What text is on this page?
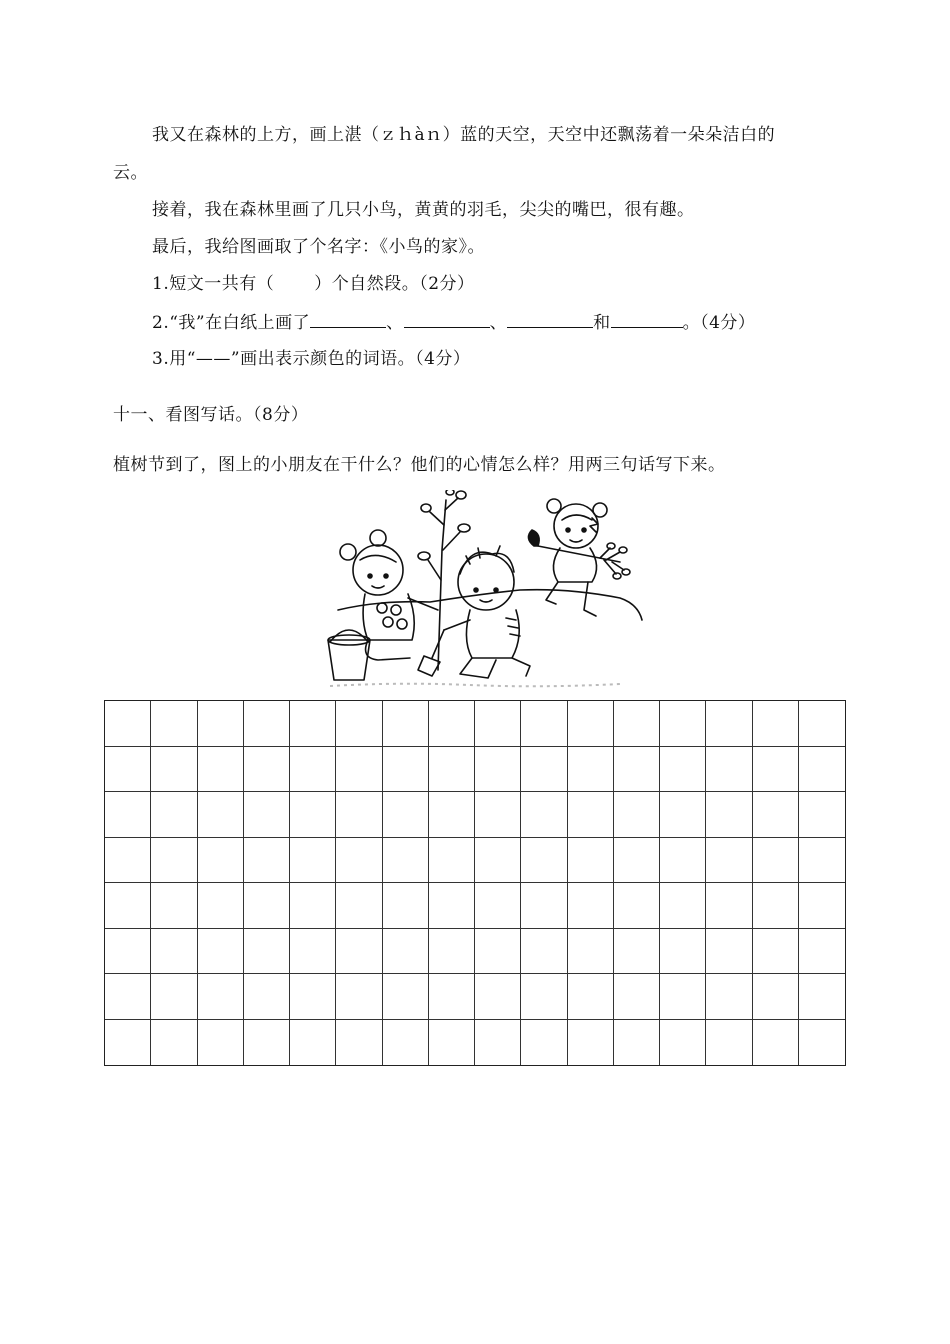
我又在森林的上方，画上湛（ｚｈàｎ）蓝的天空，天空中还飘荡着一朵朵洁白的
云。
接着，我在森林里画了几只小鸟，黄黄的羽毛，尖尖的嘴巴，很有趣。
最后，我给图画取了个名字：《小鸟的家》。
1.短文一共有（ ）个自然段。（2分）
2.“我”在白纸上画了	、	、	和	。（4分）
3.用“——”画出表示颜色的词语。（4分）
十一、看图写话。（8分）
植树节到了，图上的小朋友在干什么？他们的心情怎么样？用两三句话写下来。
